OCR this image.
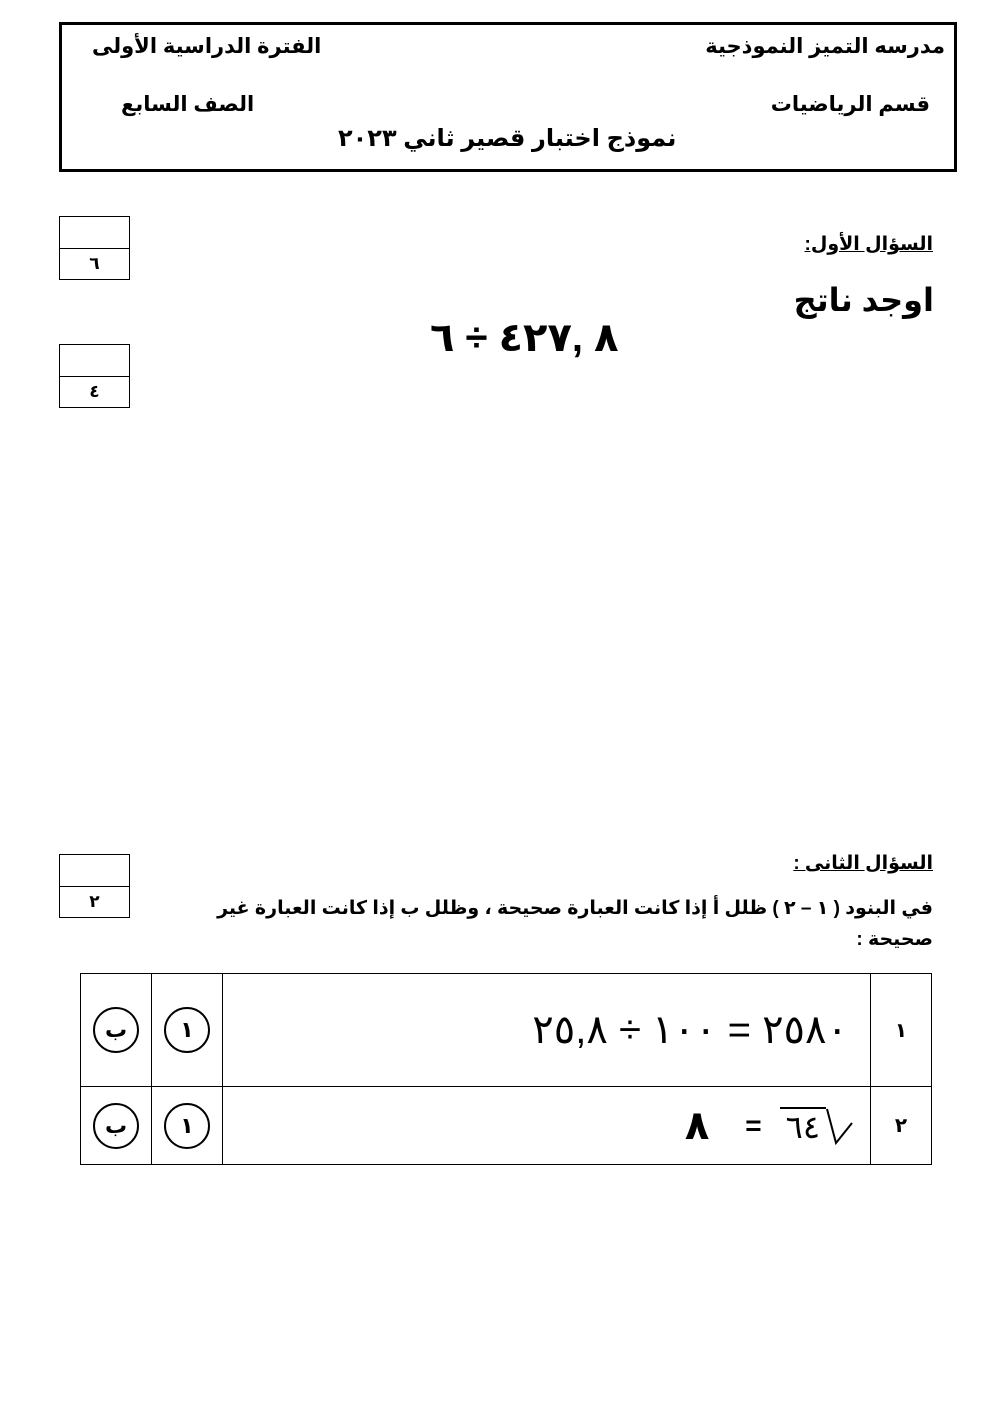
مدرسه التميز النموذجية
الفترة الدراسية الأولى
قسم الرياضيات
الصف السابع
نموذج اختبار قصير ثاني ٢٠٢٣
٦
٤
السؤال الأول:
اوجد ناتج
٨ ,٤٢٧ ÷ ٦
٢
السؤال الثانى :
في البنود ( ١ – ٢ ) ظلل أ إذا كانت العبارة صحيحة ، وظلل ب إذا كانت العبارة غير صحيحة :
ب	١	٢٥٨٠ = ١٠٠ ÷ ٢٥,٨	١

ب	١	٨ = ٦٤	٢
